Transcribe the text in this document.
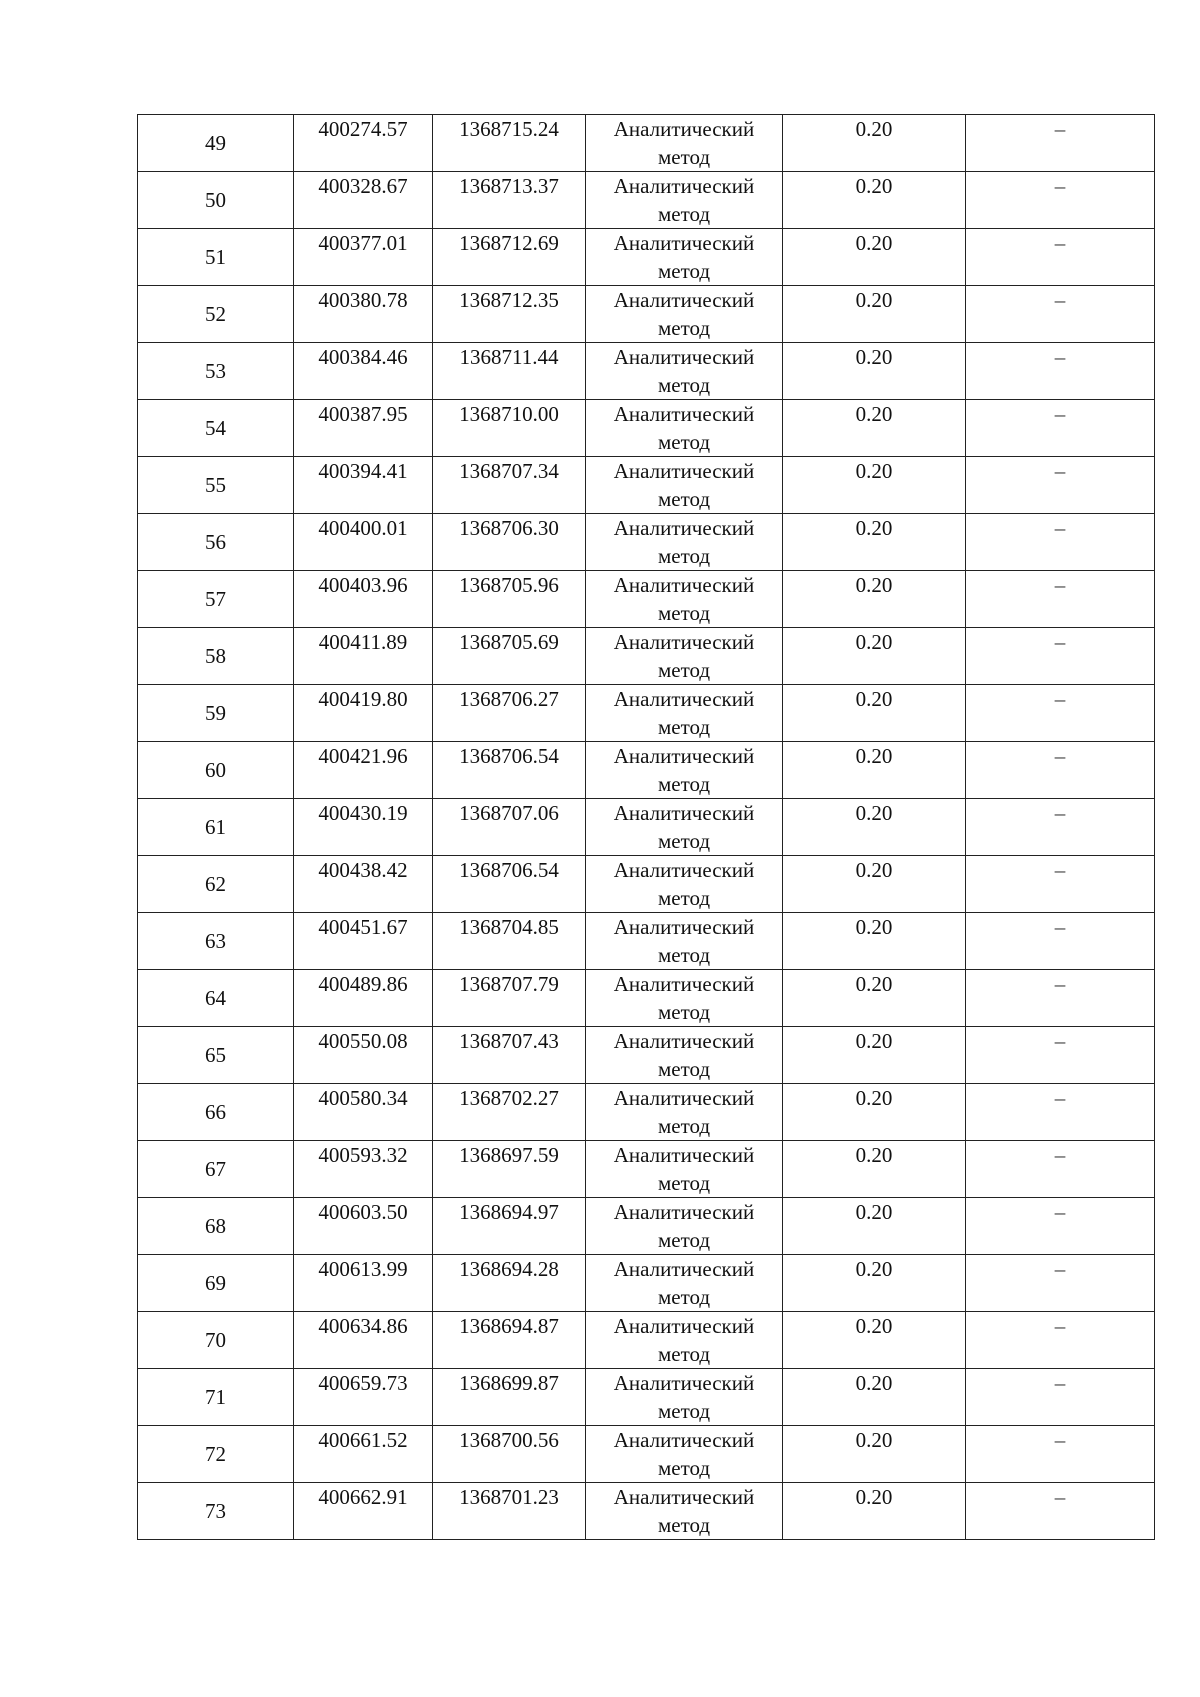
49	400274.57	1368715.24	Аналитический
метод	0.20	–
50	400328.67	1368713.37	Аналитический
метод	0.20	–
51	400377.01	1368712.69	Аналитический
метод	0.20	–
52	400380.78	1368712.35	Аналитический
метод	0.20	–
53	400384.46	1368711.44	Аналитический
метод	0.20	–
54	400387.95	1368710.00	Аналитический
метод	0.20	–
55	400394.41	1368707.34	Аналитический
метод	0.20	–
56	400400.01	1368706.30	Аналитический
метод	0.20	–
57	400403.96	1368705.96	Аналитический
метод	0.20	–
58	400411.89	1368705.69	Аналитический
метод	0.20	–
59	400419.80	1368706.27	Аналитический
метод	0.20	–
60	400421.96	1368706.54	Аналитический
метод	0.20	–
61	400430.19	1368707.06	Аналитический
метод	0.20	–
62	400438.42	1368706.54	Аналитический
метод	0.20	–
63	400451.67	1368704.85	Аналитический
метод	0.20	–
64	400489.86	1368707.79	Аналитический
метод	0.20	–
65	400550.08	1368707.43	Аналитический
метод	0.20	–
66	400580.34	1368702.27	Аналитический
метод	0.20	–
67	400593.32	1368697.59	Аналитический
метод	0.20	–
68	400603.50	1368694.97	Аналитический
метод	0.20	–
69	400613.99	1368694.28	Аналитический
метод	0.20	–
70	400634.86	1368694.87	Аналитический
метод	0.20	–
71	400659.73	1368699.87	Аналитический
метод	0.20	–
72	400661.52	1368700.56	Аналитический
метод	0.20	–
73	400662.91	1368701.23	Аналитический
метод	0.20	–
